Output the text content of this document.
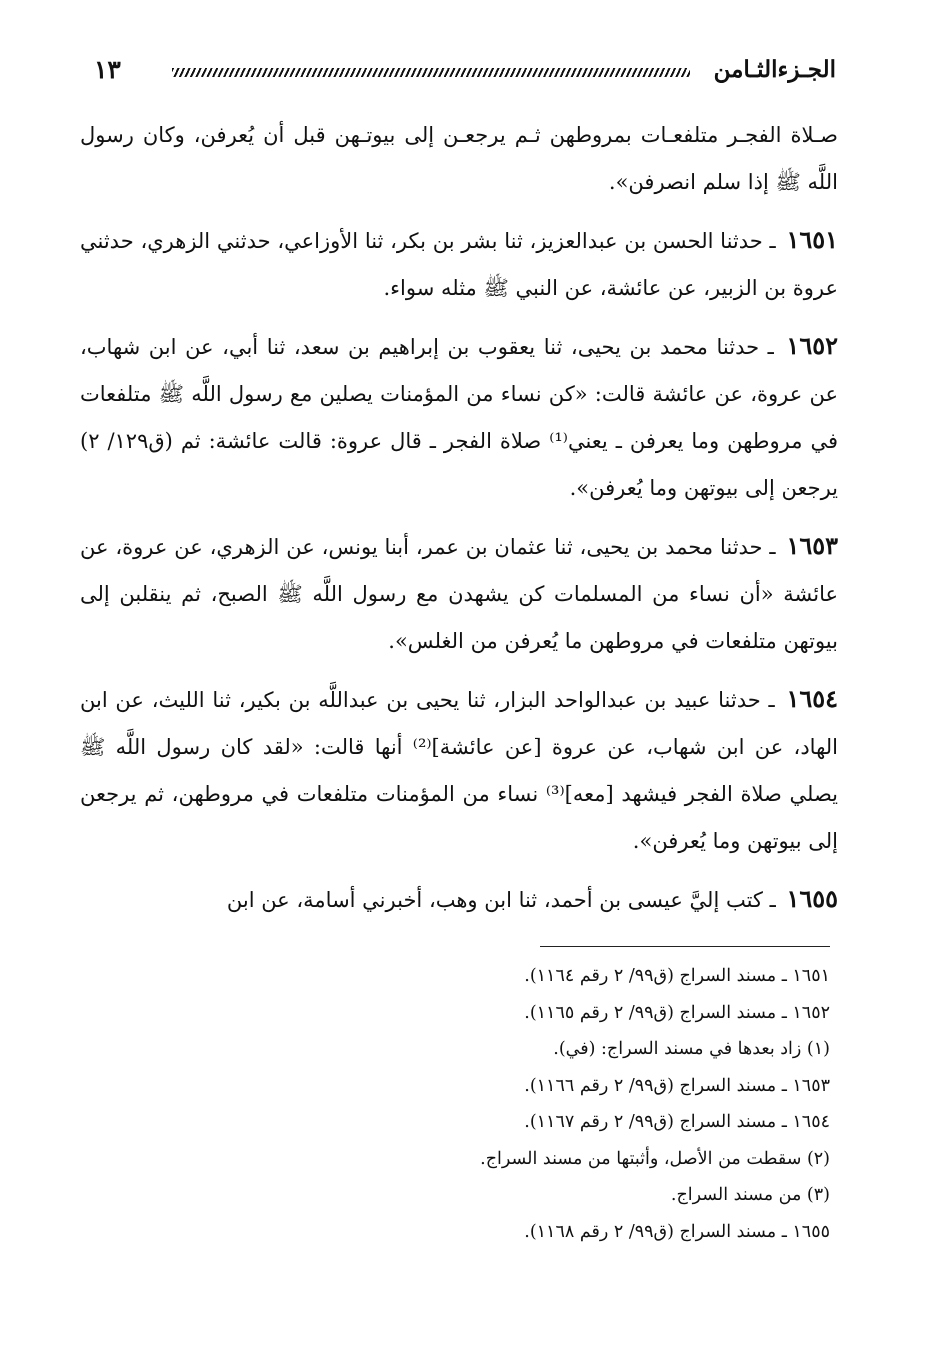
الجـزءالثـامن
١٣

صـلاة الفجـر متلفعـات بمروطهن ثـم يرجعـن إلى بيوتـهن قبل أن يُعرفن، وكان رسول اللَّه ﷺ إذا سلم انصرفن».

١٦٥١ ـ حدثنا الحسن بن عبدالعزيز، ثنا بشر بن بكر، ثنا الأوزاعي، حدثني الزهري، حدثني عروة بن الزبير، عن عائشة، عن النبي ﷺ مثله سواء.

١٦٥٢ ـ حدثنا محمد بن يحيى، ثنا يعقوب بن إبراهيم بن سعد، ثنا أبي، عن ابن شهاب، عن عروة، عن عائشة قالت: «كن نساء من المؤمنات يصلين مع رسول اللَّه ﷺ متلفعات في مروطهن وما يعرفن ـ يعني⁽¹⁾ صلاة الفجر ـ قال عروة: قالت عائشة: ثم (ق١٢٩/ ٢) يرجعن إلى بيوتهن وما يُعرفن».

١٦٥٣ ـ حدثنا محمد بن يحيى، ثنا عثمان بن عمر، أبنا يونس، عن الزهري، عن عروة، عن عائشة «أن نساء من المسلمات كن يشهدن مع رسول اللَّه ﷺ الصبح، ثم ينقلبن إلى بيوتهن متلفعات في مروطهن ما يُعرفن من الغلس».

١٦٥٤ ـ حدثنا عبيد بن عبدالواحد البزار، ثنا يحيى بن عبداللَّه بن بكير، ثنا الليث، عن ابن الهاد، عن ابن شهاب، عن عروة [عن عائشة]⁽²⁾ أنها قالت: «لقد كان رسول اللَّه ﷺ يصلي صلاة الفجر فيشهد [معه]⁽³⁾ نساء من المؤمنات متلفعات في مروطهن، ثم يرجعن إلى بيوتهن وما يُعرفن».

١٦٥٥ ـ كتب إليَّ عيسى بن أحمد، ثنا ابن وهب، أخبرني أسامة، عن ابن

١٦٥١ ـ مسند السراج (ق٩٩/ ٢ رقم ١١٦٤).

١٦٥٢ ـ مسند السراج (ق٩٩/ ٢ رقم ١١٦٥).

(١) زاد بعدها في مسند السراج: (في).

١٦٥٣ ـ مسند السراج (ق٩٩/ ٢ رقم ١١٦٦).

١٦٥٤ ـ مسند السراج (ق٩٩/ ٢ رقم ١١٦٧).

(٢) سقطت من الأصل، وأثبتها من مسند السراج.

(٣) من مسند السراج.

١٦٥٥ ـ مسند السراج (ق٩٩/ ٢ رقم ١١٦٨).
